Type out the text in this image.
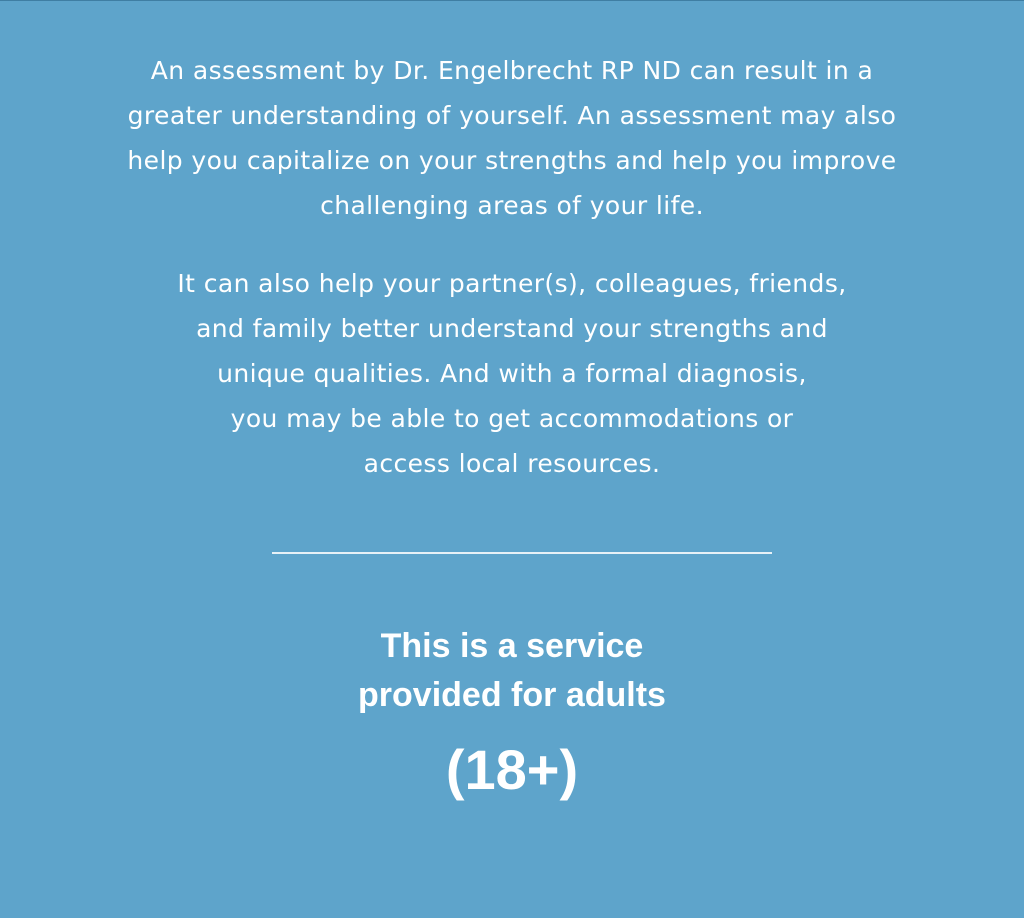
An assessment by Dr. Engelbrecht RP ND can result in a
greater understanding of yourself. An assessment may also
help you capitalize on your strengths and help you improve
challenging areas of your life.

It can also help your partner(s), colleagues, friends,
and family better understand your strengths and
unique qualities. And with a formal diagnosis,
you may be able to get accommodations or
access local resources.

This is a service
provided for adults
(18+)
